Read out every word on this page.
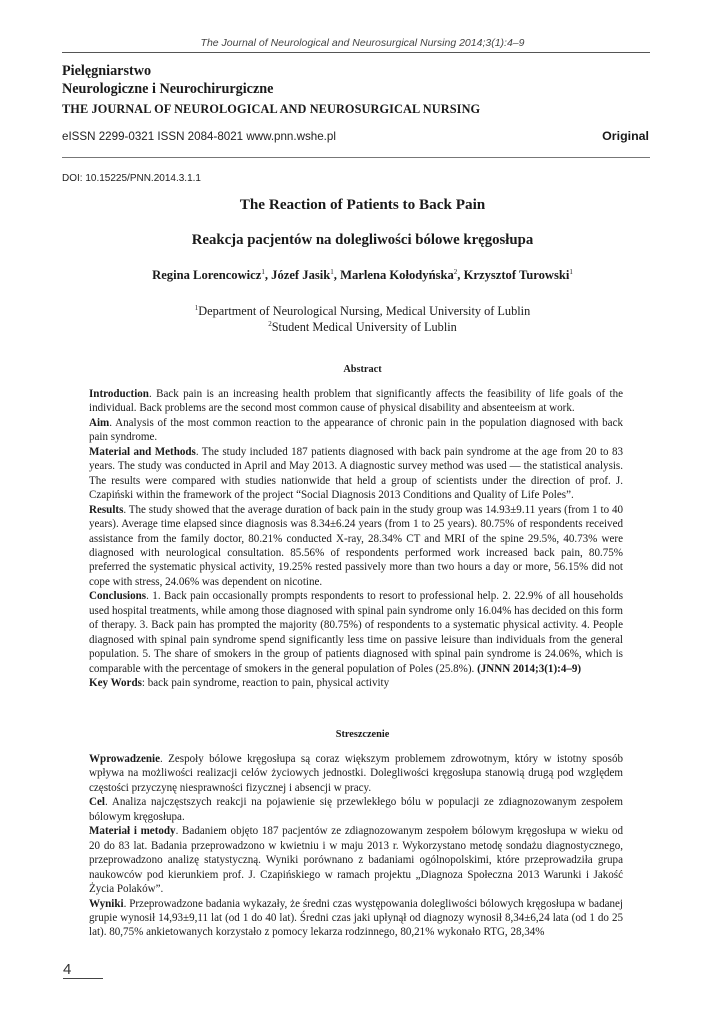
The Journal of Neurological and Neurosurgical Nursing 2014;3(1):4–9
Pielęgniarstwo
Neurologiczne i Neurochirurgiczne
THE JOURNAL OF NEUROLOGICAL AND NEUROSURGICAL NURSING
eISSN 2299-0321 ISSN 2084-8021 www.pnn.wshe.pl	Original
DOI: 10.15225/PNN.2014.3.1.1
The Reaction of Patients to Back Pain
Reakcja pacjentów na dolegliwości bólowe kręgosłupa
Regina Lorencowicz$^1$, Józef Jasik$^1$, Marlena Kołodyńska$^2$, Krzysztof Turowski$^1$
$^1$Department of Neurological Nursing, Medical University of Lublin
$^2$Student Medical University of Lublin
Abstract

Introduction. Back pain is an increasing health problem that significantly affects the feasibility of life goals of the individual. Back problems are the second most common cause of physical disability and absenteeism at work.

Aim. Analysis of the most common reaction to the appearance of chronic pain in the population diagnosed with back pain syndrome.

Material and Methods. The study included 187 patients diagnosed with back pain syndrome at the age from 20 to 83 years. The study was conducted in April and May 2013. A diagnostic survey method was used — the statistical analysis. The results were compared with studies nationwide that held a group of scientists under the direction of prof. J. Czapiński within the framework of the project “Social Diagnosis 2013 Conditions and Quality of Life Poles”.

Results. The study showed that the average duration of back pain in the study group was 14.93±9.11 years (from 1 to 40 years). Average time elapsed since diagnosis was 8.34±6.24 years (from 1 to 25 years). 80.75% of respondents received assistance from the family doctor, 80.21% conducted X-ray, 28.34% CT and MRI of the spine 29.5%, 40.73% were diagnosed with neurological consultation. 85.56% of respondents performed work increased back pain, 80.75% preferred the systematic physical activity, 19.25% rested passively more than two hours a day or more, 56.15% did not cope with stress, 24.06% was dependent on nicotine.

Conclusions. 1. Back pain occasionally prompts respondents to resort to professional help. 2. 22.9% of all households used hospital treatments, while among those diagnosed with spinal pain syndrome only 16.04% has decided on this form of therapy. 3. Back pain has prompted the majority (80.75%) of respondents to a systematic physical activity. 4. People diagnosed with spinal pain syndrome spend significantly less time on passive leisure than individuals from the general population. 5. The share of smokers in the group of patients diagnosed with spinal pain syndrome is 24.06%, which is comparable with the percentage of smokers in the general population of Poles (25.8%). (JNNN 2014;3(1):4–9)

Key Words: back pain syndrome, reaction to pain, physical activity

Streszczenie

Wprowadzenie. Zespoły bólowe kręgosłupa są coraz większym problemem zdrowotnym, który w istotny sposób wpływa na możliwości realizacji celów życiowych jednostki. Dolegliwości kręgosłupa stanowią drugą pod względem częstości przyczynę niesprawności fizycznej i absencji w pracy.

Cel. Analiza najczęstszych reakcji na pojawienie się przewlekłego bólu w populacji ze zdiagnozowanym zespołem bólowym kręgosłupa.

Materiał i metody. Badaniem objęto 187 pacjentów ze zdiagnozowanym zespołem bólowym kręgosłupa w wieku od 20 do 83 lat. Badania przeprowadzono w kwietniu i w maju 2013 r. Wykorzystano metodę sondażu diagnostycznego, przeprowadzono analizę statystyczną. Wyniki porównano z badaniami ogólnopolskimi, które przeprowadziła grupa naukowców pod kierunkiem prof. J. Czapińskiego w ramach projektu „Diagnoza Społeczna 2013 Warunki i Jakość Życia Polaków”.

Wyniki. Przeprowadzone badania wykazały, że średni czas występowania dolegliwości bólowych kręgosłupa w badanej grupie wynosił 14,93±9,11 lat (od 1 do 40 lat). Średni czas jaki upłynął od diagnozy wynosił 8,34±6,24 lata (od 1 do 25 lat). 80,75% ankietowanych korzystało z pomocy lekarza rodzinnego, 80,21% wykonało RTG, 28,34%

4
